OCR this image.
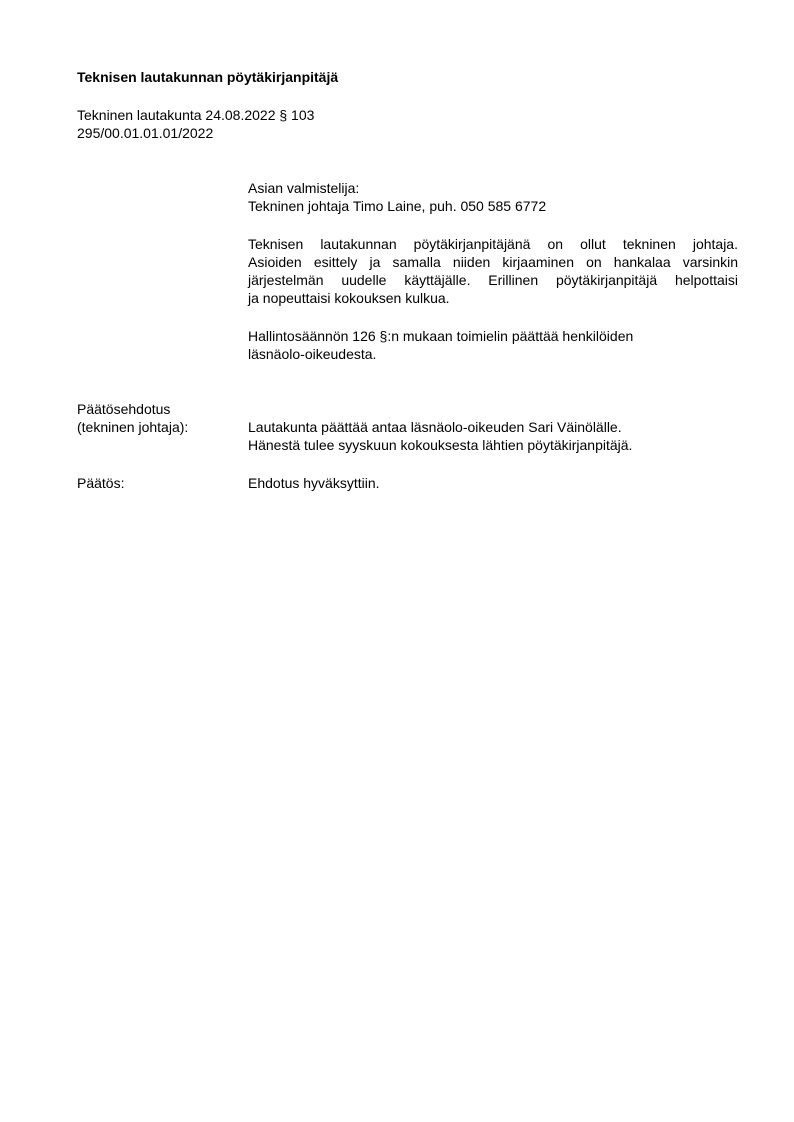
Teknisen lautakunnan pöytäkirjanpitäjä
Tekninen lautakunta 24.08.2022 § 103
295/00.01.01.01/2022
Asian valmistelija:
Tekninen johtaja Timo Laine, puh. 050 585 6772
Teknisen lautakunnan pöytäkirjanpitäjänä on ollut tekninen johtaja.
Asioiden esittely ja samalla niiden kirjaaminen on hankalaa varsinkin
järjestelmän uudelle käyttäjälle. Erillinen pöytäkirjanpitäjä helpottaisi
ja nopeuttaisi kokouksen kulkua.
Hallintosäännön 126 §:n mukaan toimielin päättää henkilöiden
läsnäolo-oikeudesta.
Päätösehdotus
(tekninen johtaja):	Lautakunta päättää antaa läsnäolo-oikeuden Sari Väinölälle.
Hänestä tulee syyskuun kokouksesta lähtien pöytäkirjanpitäjä.
Päätös:	Ehdotus hyväksyttiin.
